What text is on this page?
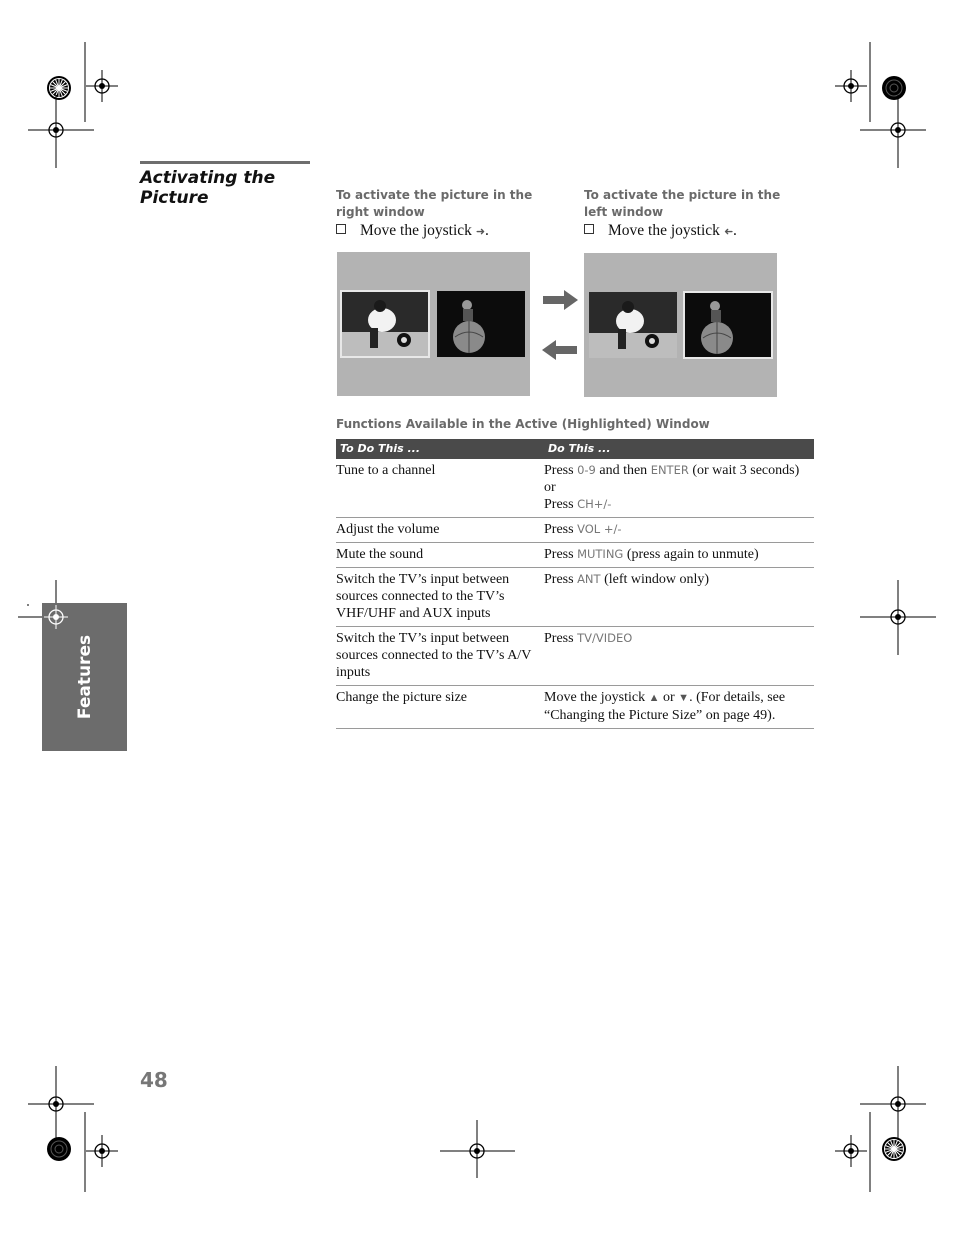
Activating the Picture	To activate the picture in the right window
Move the joystick ➜.
To activate the picture in the left window
Move the joystick ➜.
Functions Available in the Active (Highlighted) Window
To Do This ...	Do This ...
Tune to a channel	Press 0-9 and then ENTER (or wait 3 seconds) or
Press CH+/-
Adjust the volume	Press VOL +/-
Mute the sound	Press MUTING (press again to unmute)
Switch the TV’s input between sources connected to the TV’s VHF/UHF and AUX inputs	Press ANT (left window only)
Switch the TV’s input between sources connected to the TV’s A/V inputs	Press TV/VIDEO
Change the picture size	Move the joystick ▲ or ▼. (For details, see “Changing the Picture Size” on page 49).
Features
48
